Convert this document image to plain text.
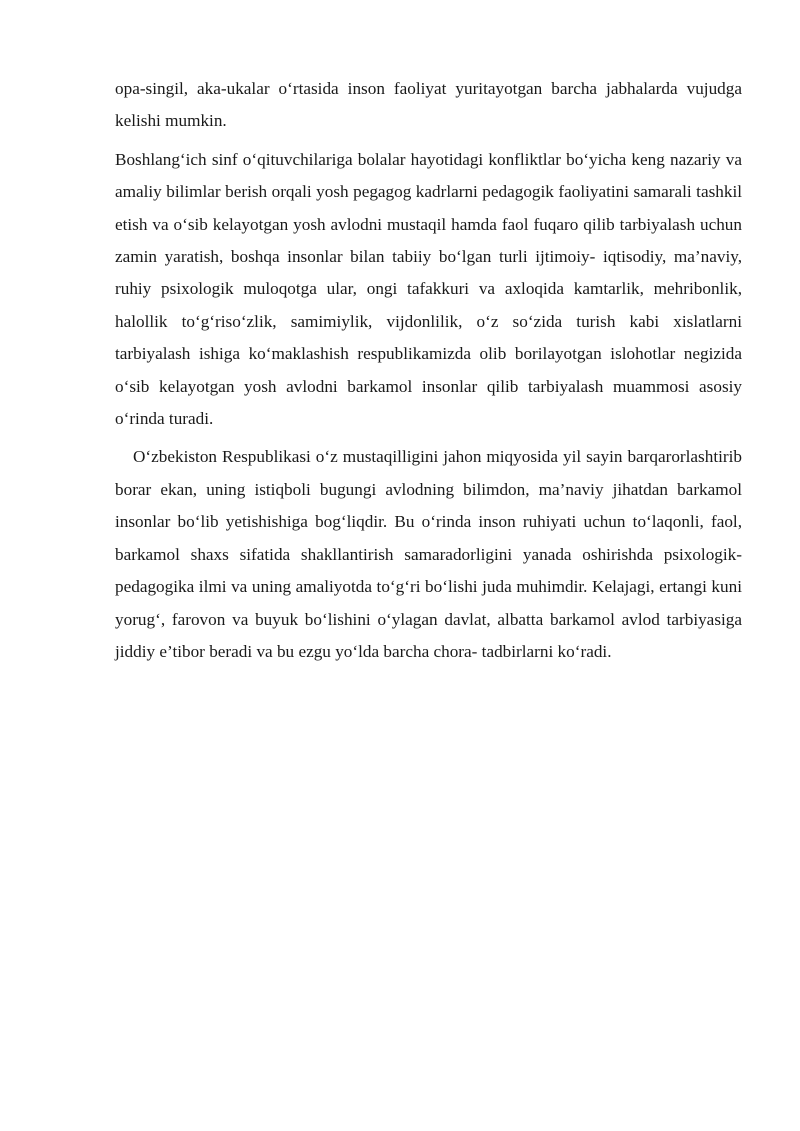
opa-singil, aka-ukalar o‘rtasida inson faoliyat yuritayotgan barcha jabhalarda vujudga kelishi mumkin.

Boshlang‘ich sinf o‘qituvchilariga bolalar hayotidagi konfliktlar bo‘yicha keng nazariy va amaliy bilimlar berish orqali yosh pegagog kadrlarni pedagogik faoliyatini samarali tashkil etish va o‘sib kelayotgan yosh avlodni mustaqil hamda faol fuqaro qilib tarbiyalash uchun zamin yaratish, boshqa insonlar bilan tabiiy bo‘lgan turli ijtimoiy- iqtisodiy, ma’naviy, ruhiy psixologik muloqotga ular, ongi tafakkuri va axloqida kamtarlik, mehribonlik, halollik to‘g‘riso‘zlik, samimiylik, vijdonlilik, o‘z so‘zida turish kabi xislatlarni tarbiyalash ishiga ko‘maklashish respublikamizda olib borilayotgan islohotlar negizida o‘sib kelayotgan yosh avlodni barkamol insonlar qilib tarbiyalash muammosi asosiy o‘rinda turadi.

O‘zbekiston Respublikasi o‘z mustaqilligini jahon miqyosida yil sayin barqarorlashtirib borar ekan, uning istiqboli bugungi avlodning bilimdon, ma’naviy jihatdan barkamol insonlar bo‘lib yetishishiga bog‘liqdir. Bu o‘rinda inson ruhiyati uchun to‘laqonli, faol, barkamol shaxs sifatida shakllantirish samaradorligini yanada oshirishda psixologik- pedagogika ilmi va uning amaliyotda to‘g‘ri bo‘lishi juda muhimdir. Kelajagi, ertangi kuni yorug‘, farovon va buyuk bo‘lishini o‘ylagan davlat, albatta barkamol avlod tarbiyasiga jiddiy e’tibor beradi va bu ezgu yo‘lda barcha chora- tadbirlarni ko‘radi.
